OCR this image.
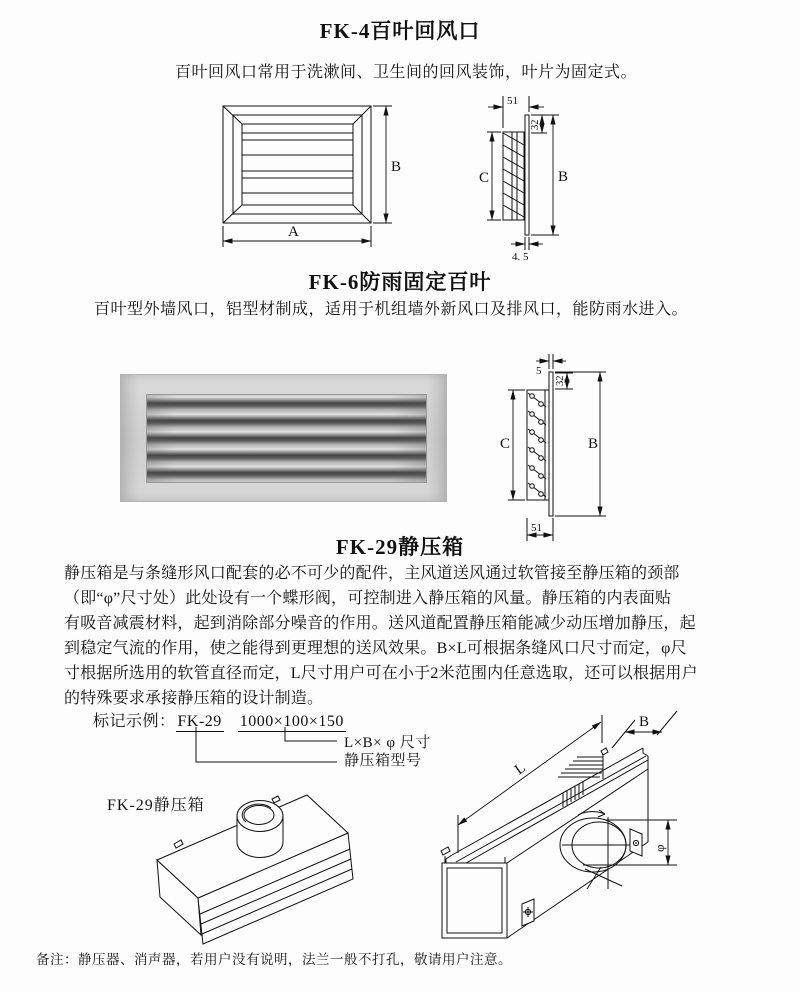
FK-4百叶回风口
百叶回风口常用于洗漱间、卫生间的回风装饰，叶片为固定式。
FK-6防雨固定百叶
百叶型外墙风口，铝型材制成，适用于机组墙外新风口及排风口，能防雨水进入。
FK-29静压箱
静压箱是与条缝形风口配套的必不可少的配件，主风道送风通过软管接至静压箱的颈部
（即“φ”尺寸处）此处设有一个蝶形阀，可控制进入静压箱的风量。静压箱的内表面贴
有吸音减震材料，起到消除部分噪音的作用。送风道配置静压箱能减少动压增加静压，起
到稳定气流的作用，使之能得到更理想的送风效果。B×L可根据条缝风口尺寸而定，φ尺
寸根据所选用的软管直径而定，L尺寸用户可在小于2米范围内任意选取，还可以根据用户
的特殊要求承接静压箱的设计制造。
标记示例： FK-29 1000×100×150
L×B× φ 尺寸
静压箱型号
FK-29静压箱
备注：静压器、消声器，若用户没有说明，法兰一般不打孔，敬请用户注意。
B
A
51
32
C	B
4. 5
5
32
C	B
51
L
B
φ
